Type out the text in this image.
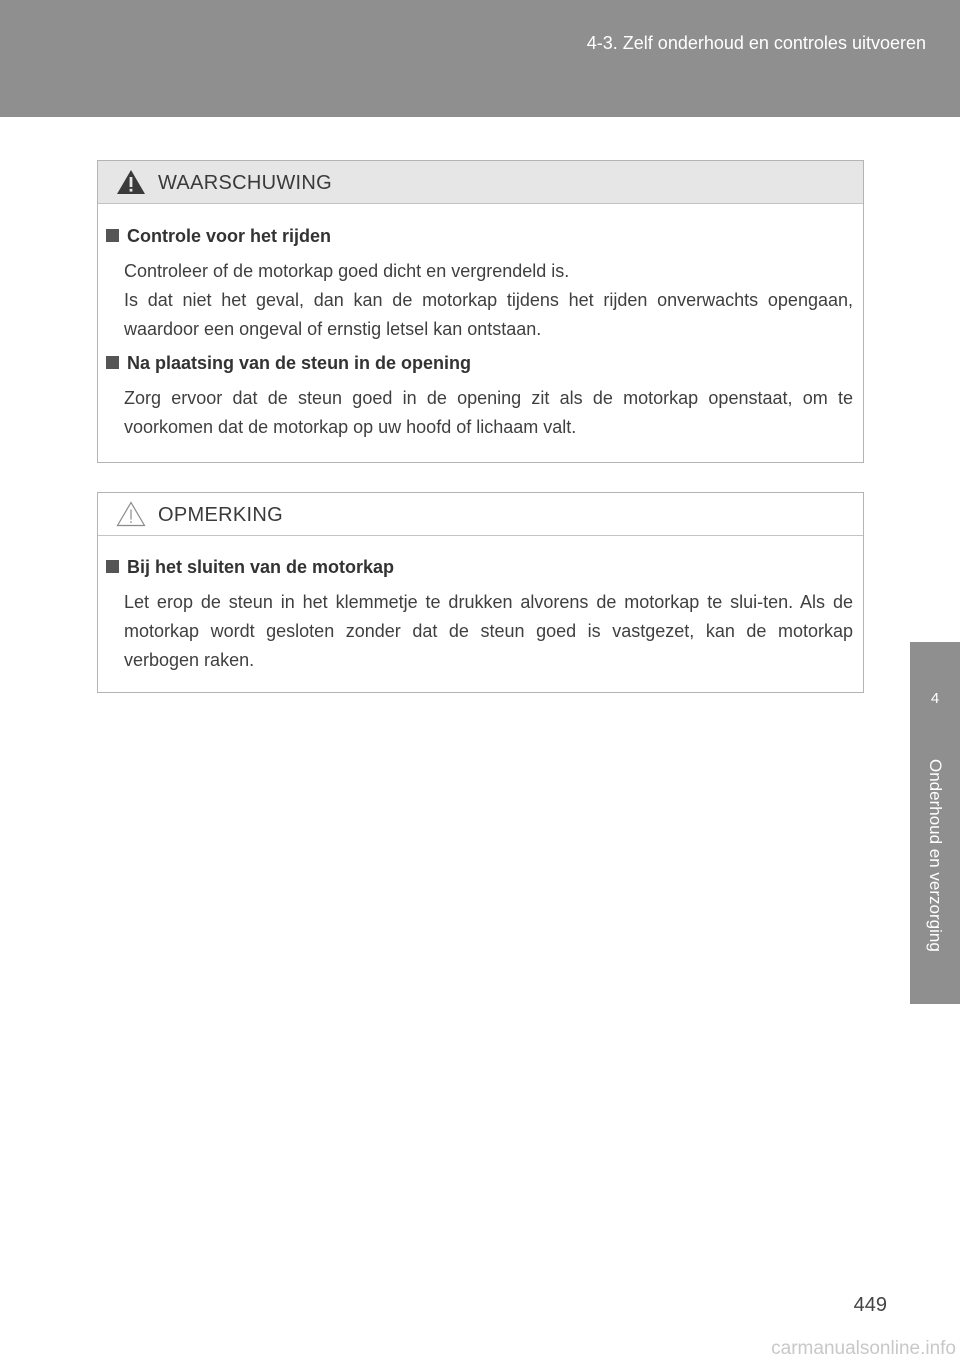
4-3. Zelf onderhoud en controles uitvoeren
4
Onderhoud en verzorging
WAARSCHUWING
Controle voor het rijden
Controleer of de motorkap goed dicht en vergrendeld is.
Is dat niet het geval, dan kan de motorkap tijdens het rijden onverwachts opengaan, waardoor een ongeval of ernstig letsel kan ontstaan.
Na plaatsing van de steun in de opening
Zorg ervoor dat de steun goed in de opening zit als de motorkap openstaat, om te voorkomen dat de motorkap op uw hoofd of lichaam valt.
OPMERKING
Bij het sluiten van de motorkap
Let erop de steun in het klemmetje te drukken alvorens de motorkap te slui-ten. Als de motorkap wordt gesloten zonder dat de steun goed is vastgezet, kan de motorkap verbogen raken.
449
carmanualsonline.info
